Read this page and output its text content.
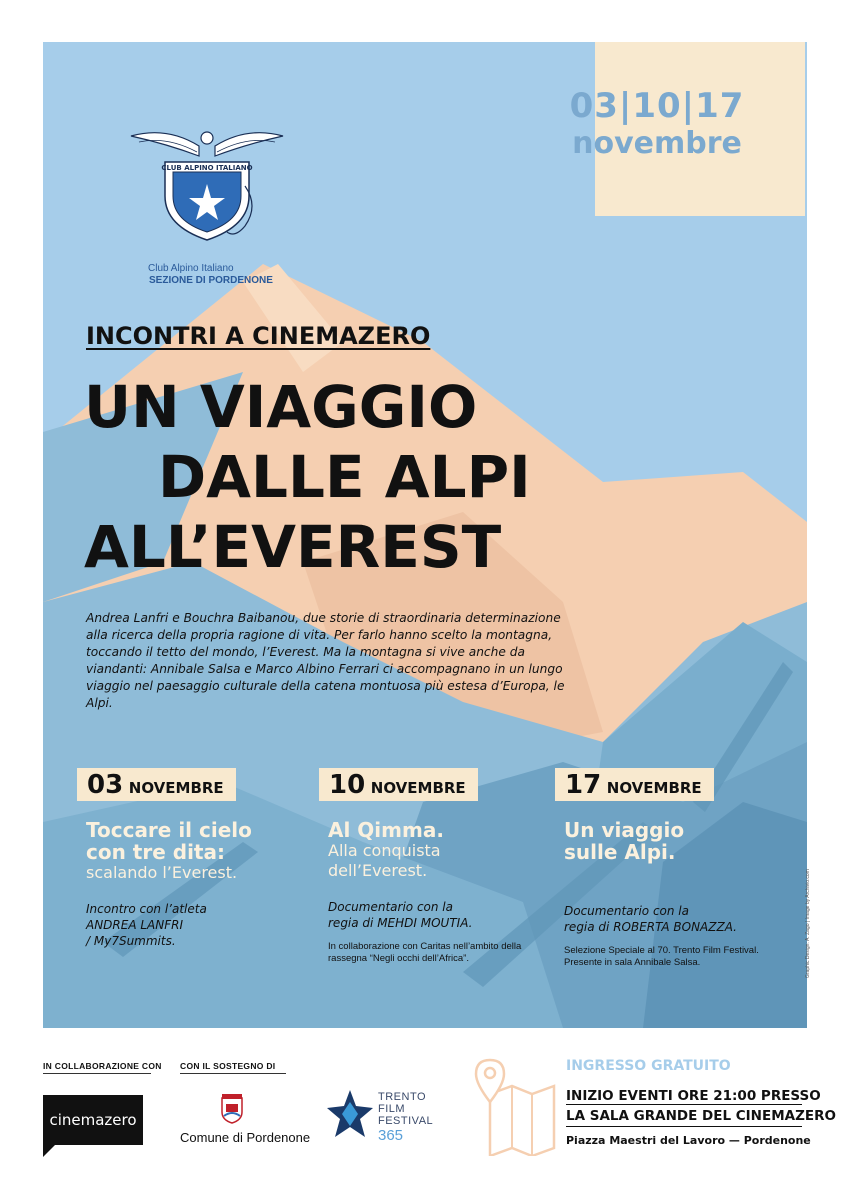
CLUB ALPINO ITALIANO
Club Alpino Italiano
SEZIONE DI PORDENONE
03|10|17
novembre
INCONTRI A CINEMAZERO
UN VIAGGIO
DALLE ALPI
ALL’EVEREST
Andrea Lanfri e Bouchra Baibanou, due storie di straordinaria determinazione alla ricerca della propria ragione di vita. Per farlo hanno scelto la montagna, toccando il tetto del mondo, l’Everest. Ma la montagna si vive anche da viandanti: Annibale Salsa e Marco Albino Ferrari ci accompagnano in un lungo viaggio nel paesaggio culturale della catena montuosa più estesa d’Europa, le Alpi.
03 NOVEMBRE
Toccare il cielo con tre dita:
scalando l’Everest.
Incontro con l’atleta
ANDREA LANFRI
/ My7Summits.
10 NOVEMBRE
Al Qimma.
Alla conquista dell’Everest.
Documentario con la
regia di MEHDI MOUTIA.
In collaborazione con Caritas nell’ambito della rassegna “Negli occhi dell’Africa”.
17 NOVEMBRE
Un viaggio sulle Alpi.
Documentario con la
regia di ROBERTA BONAZZA.
Selezione Speciale al 70. Trento Film Festival. Presente in sala Annibale Salsa.	Graphic Design: A. Zago | Image by Archivio.com
IN COLLABORAZIONE CON CON IL SOSTEGNO DI
cinemazero
Comune di Pordenone
TRENTO
FILM
FESTIVAL
365
INGRESSO GRATUITO
INIZIO EVENTI ORE 21:00 PRESSO
LA SALA GRANDE DEL CINEMAZERO
Piazza Maestri del Lavoro — Pordenone
